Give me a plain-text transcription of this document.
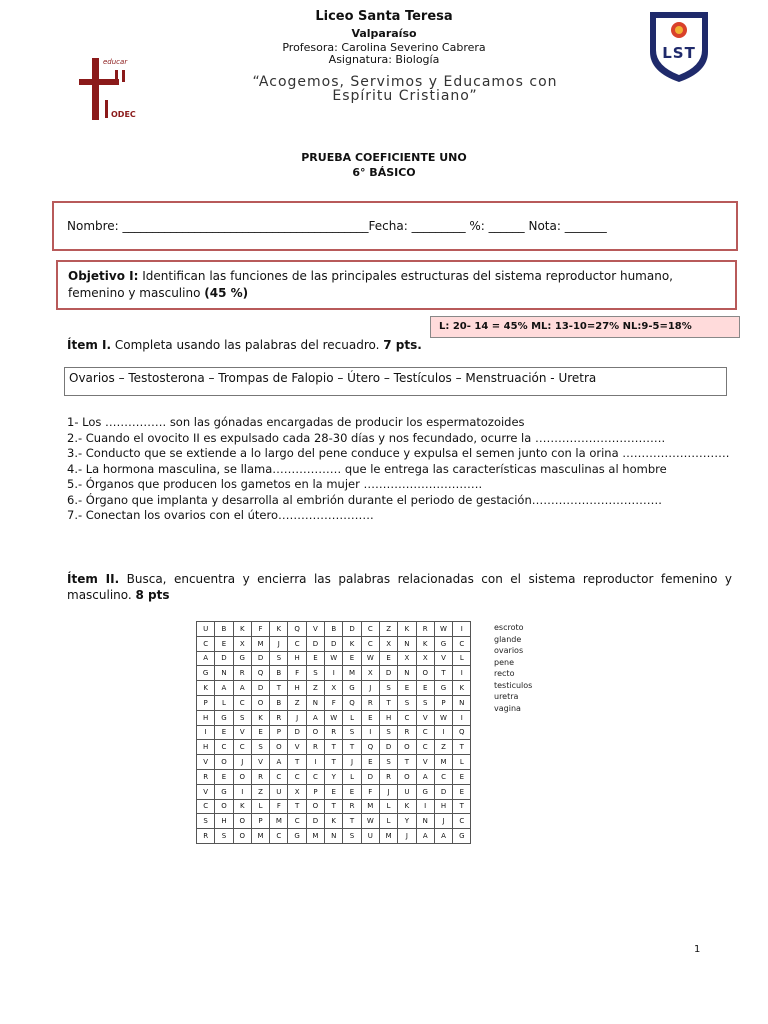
Liceo Santa Teresa
Valparaíso
Profesora: Carolina Severino Cabrera
Asignatura: Biología
“Acogemos, Servimos y Educamos con
Espíritu Cristiano”
educar
ODEC
LST
PRUEBA COEFICIENTE UNO
6° BÁSICO
Nombre: _________________________________________Fecha: _________ %: ______ Nota: _______
Objetivo I: Identifican las funciones de las principales estructuras del sistema reproductor humano, femenino y masculino (45 %)
L: 20- 14 = 45% ML: 13-10=27% NL:9-5=18%
Ítem I. Completa usando las palabras del recuadro. 7 pts.
Ovarios – Testosterona – Trompas de Falopio – Útero – Testículos – Menstruación - Uretra

1- Los ……………. son las gónadas encargadas de producir los espermatozoides

2.- Cuando el ovocito II es expulsado cada 28-30 días y nos fecundado, ocurre la …………………………….

3.- Conducto que se extiende a lo largo del pene conduce y expulsa el semen junto con la orina ……………………….

4.- La hormona masculina, se llama……………… que le entrega las características masculinas al hombre

5.- Órganos que producen los gametos en la mujer ………………………….

6.- Órgano que implanta y desarrolla al embrión durante el periodo de gestación…………………………….

7.- Conectan los ovarios con el útero…………………….

Ítem II. Busca, encuentra y encierra las palabras relacionadas con el sistema reproductor femenino y masculino. 8 pts
U	B	K	F	K	Q	V	B	D	C	Z	K	R	W	I
C	E	X	M	J	C	D	D	K	C	X	N	K	G	C
A	D	G	D	S	H	E	W	E	W	E	X	X	V	L
G	N	R	Q	B	F	S	I	M	X	D	N	O	T	I
K	A	A	D	T	H	Z	X	G	J	S	E	E	G	K
P	L	C	O	B	Z	N	F	Q	R	T	S	S	P	N
H	G	S	K	R	J	A	W	L	E	H	C	V	W	I
I	E	V	E	P	D	O	R	S	I	S	R	C	I	Q
H	C	C	S	O	V	R	T	T	Q	D	O	C	Z	T
V	O	J	V	A	T	I	T	J	E	S	T	V	M	L
R	E	O	R	C	C	C	Y	L	D	R	O	A	C	E
V	G	I	Z	U	X	P	E	E	F	J	U	G	D	E
C	O	K	L	F	T	O	T	R	M	L	K	I	H	T
S	H	O	P	M	C	D	K	T	W	L	Y	N	J	C
R	S	O	M	C	G	M	N	S	U	M	J	A	A	G
escroto
glande
ovarios
pene
recto
testiculos
uretra
vagina
1
